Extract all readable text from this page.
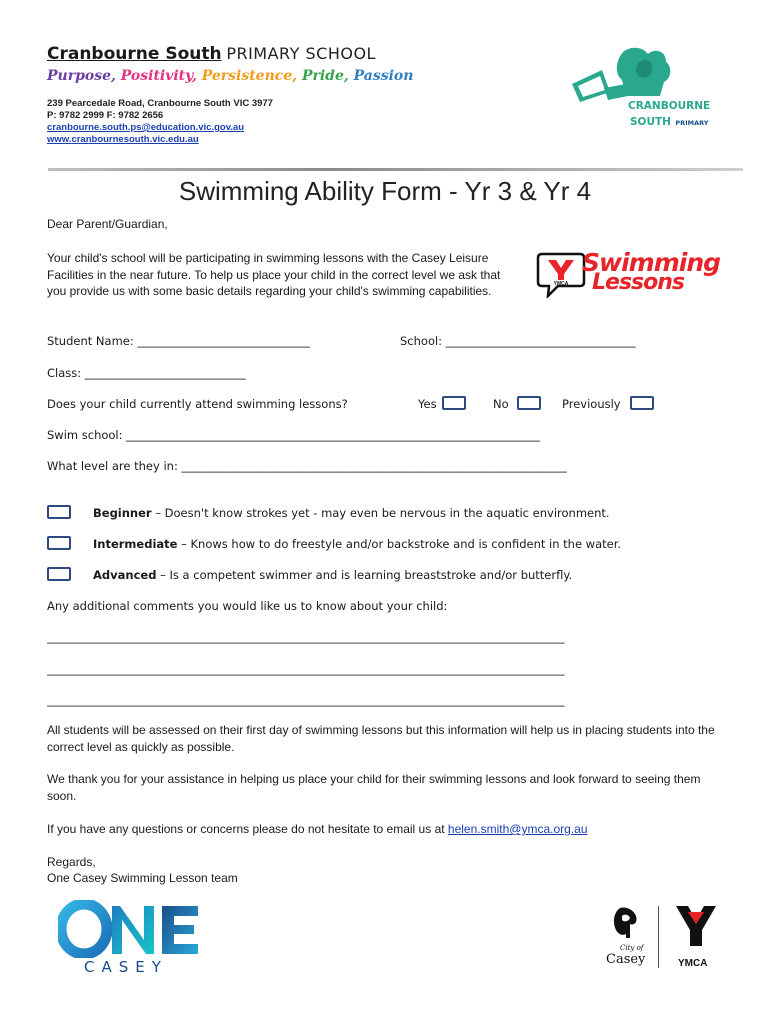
Cranbourne South PRIMARY SCHOOL
Purpose, Positivity, Persistence, Pride, Passion
239 Pearcedale Road, Cranbourne South VIC 3977
P: 9782 2999 F: 9782 2656
cranbourne.south.ps@education.vic.gov.au
www.cranbournesouth.vic.edu.au
CRANBOURNE
SOUTH PRIMARY
Swimming Ability Form - Yr 3 & Yr 4
Dear Parent/Guardian,
Your child's school will be participating in swimming lessons with the Casey Leisure Facilities in the near future. To help us place your child in the correct level we ask that you provide us with some basic details regarding your child's swimming capabilities.	YMCA
Swimming
Lessons
Student Name: ______________________________	School: _________________________________
Class: ____________________________
Does your child currently attend swimming lessons?	Yes	No	Previously
Swim school: ________________________________________________________________________
What level are they in: ___________________________________________________________________
Beginner – Doesn't know strokes yet - may even be nervous in the aquatic environment.
Intermediate – Knows how to do freestyle and/or backstroke and is confident in the water.
Advanced – Is a competent swimmer and is learning breaststroke and/or butterfly.
Any additional comments you would like us to know about your child:
__________________________________________________________________________________________
__________________________________________________________________________________________
__________________________________________________________________________________________
All students will be assessed on their first day of swimming lessons but this information will help us in placing students into the correct level as quickly as possible.
We thank you for your assistance in helping us place your child for their swimming lessons and look forward to seeing them soon.
If you have any questions or concerns please do not hesitate to email us at helen.smith@ymca.org.au
Regards,
One Casey Swimming Lesson team
CASEY
City of
Casey	YMCA
